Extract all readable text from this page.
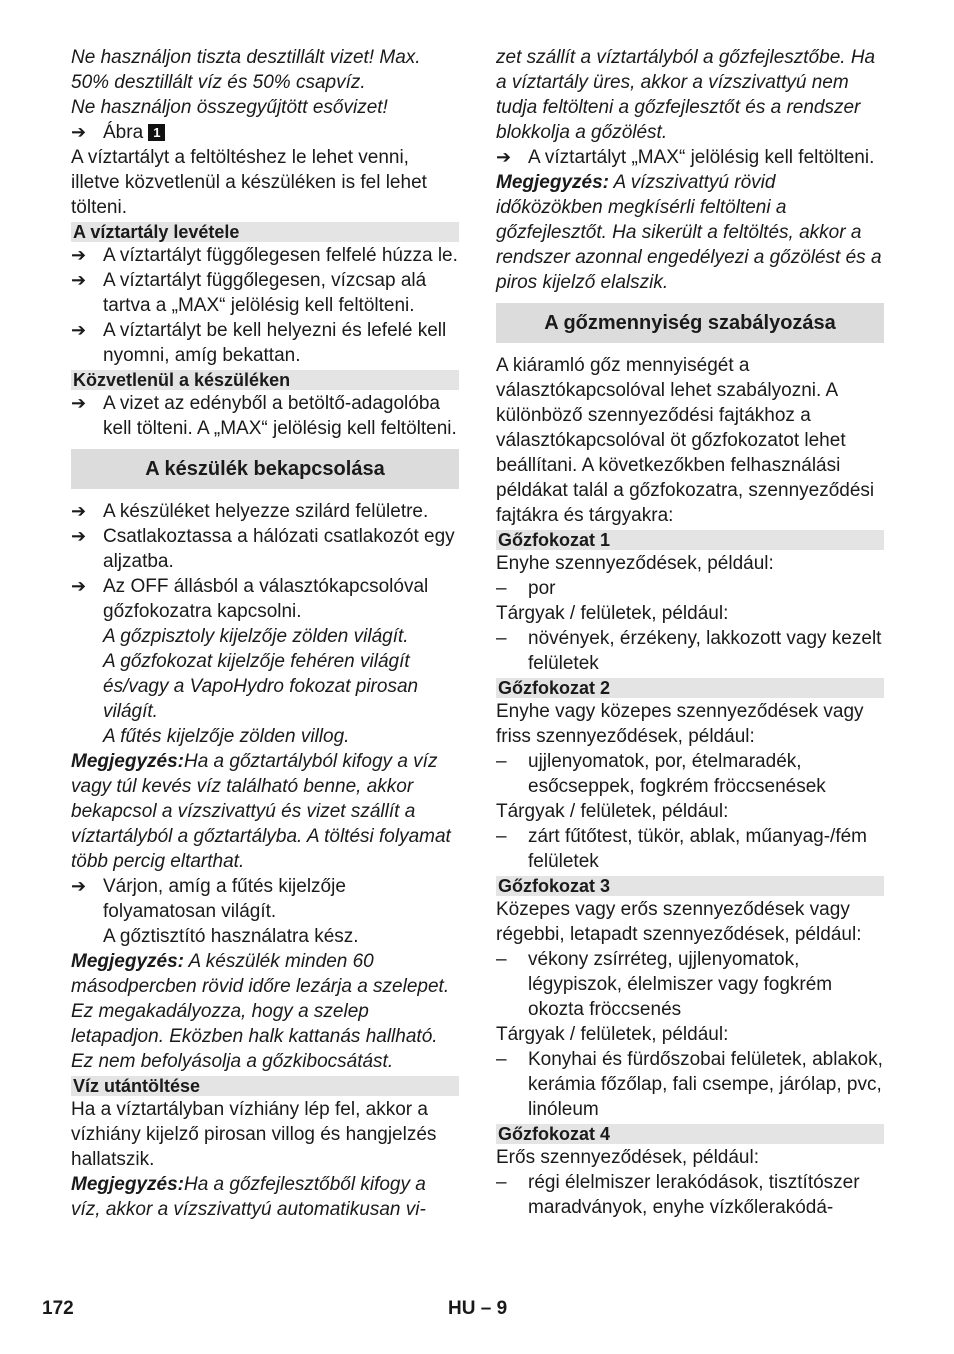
Ne használjon tiszta desztillált vizet! Max. 50% desztillált víz és 50% csapvíz.

Ne használjon összegyűjtött esővizet!

➔ Ábra 1

A víztartályt a feltöltéshez le lehet venni, illetve közvetlenül a készüléken is fel lehet tölteni.

A víztartály levétele
➔ A víztartályt függőlegesen felfelé húzza le.
➔ A víztartályt függőlegesen, vízcsap alá tartva a „MAX“ jelölésig kell feltölteni.
➔ A víztartályt be kell helyezni és lefelé kell nyomni, amíg bekattan.
Közvetlenül a készüléken
➔ A vizet az edényből a betöltő-adagolóba kell tölteni. A „MAX“ jelölésig kell feltölteni.
A készülék bekapcsolása
➔ A készüléket helyezze szilárd felületre.
➔ Csatlakoztassa a hálózati csatlakozót egy aljzatba.
➔ Az OFF állásból a választókapcsolóval gőzfokozatra kapcsolni.
A gőzpisztoly kijelzője zölden világít.
A gőzfokozat kijelzője fehéren világít és/vagy a VapoHydro fokozat pirosan világít.
A fűtés kijelzője zölden villog.

Megjegyzés:Ha a gőztartályból kifogy a víz vagy túl kevés víz található benne, akkor bekapcsol a vízszivattyú és vizet szállít a víztartályból a gőztartályba. A töltési folyamat több percig eltarthat.

➔ Várjon, amíg a fűtés kijelzője folyamatosan világít.
A gőztisztító használatra kész.

Megjegyzés: A készülék minden 60 másodpercben rövid időre lezárja a szelepet. Ez megakadályozza, hogy a szelep letapadjon. Eközben halk kattanás hallható. Ez nem befolyásolja a gőzkibocsátást.

Víz utántöltése

Ha a víztartályban vízhiány lép fel, akkor a vízhiány kijelző pirosan villog és hangjelzés hallatszik.

Megjegyzés:Ha a gőzfejlesztőből kifogy a víz, akkor a vízszivattyú automatikusan vi-

zet szállít a víztartályból a gőzfejlesztőbe. Ha a víztartály üres, akkor a vízszivattyú nem tudja feltölteni a gőzfejlesztőt és a rendszer blokkolja a gőzölést.

➔ A víztartályt „MAX“ jelölésig kell feltölteni.

Megjegyzés: A vízszivattyú rövid időközökben megkísérli feltölteni a gőzfejlesztőt. Ha sikerült a feltöltés, akkor a rendszer azonnal engedélyezi a gőzölést és a piros kijelző elalszik.

A gőzmennyiség szabályozása

A kiáramló gőz mennyiségét a választókapcsolóval lehet szabályozni. A különböző szennyeződési fajtákhoz a választókapcsolóval öt gőzfokozatot lehet beállítani. A következőkben felhasználási példákat talál a gőzfokozatra, szennyeződési fajtákra és tárgyakra:

Gőzfokozat 1

Enyhe szennyeződések, például:

–	por

Tárgyak / felületek, például:

–	növények, érzékeny, lakkozott vagy kezelt felületek
Gőzfokozat 2

Enyhe vagy közepes szennyeződések vagy friss szennyeződések, például:

–	ujjlenyomatok, por, ételmaradék, esőcseppek, fogkrém fröccsenések

Tárgyak / felületek, például:

–	zárt fűtőtest, tükör, ablak, műanyag-/fém felületek
Gőzfokozat 3

Közepes vagy erős szennyeződések vagy régebbi, letapadt szennyeződések, például:

–	vékony zsírréteg, ujjlenyomatok, légypiszok, élelmiszer vagy fogkrém okozta fröccsenés

Tárgyak / felületek, például:

–	Konyhai és fürdőszobai felületek, ablakok, kerámia főzőlap, fali csempe, járólap, pvc, linóleum
Gőzfokozat 4

Erős szennyeződések, például:

–	régi élelmiszer lerakódások, tisztítószer maradványok, enyhe vízkőlerakódá-
172	HU – 9
